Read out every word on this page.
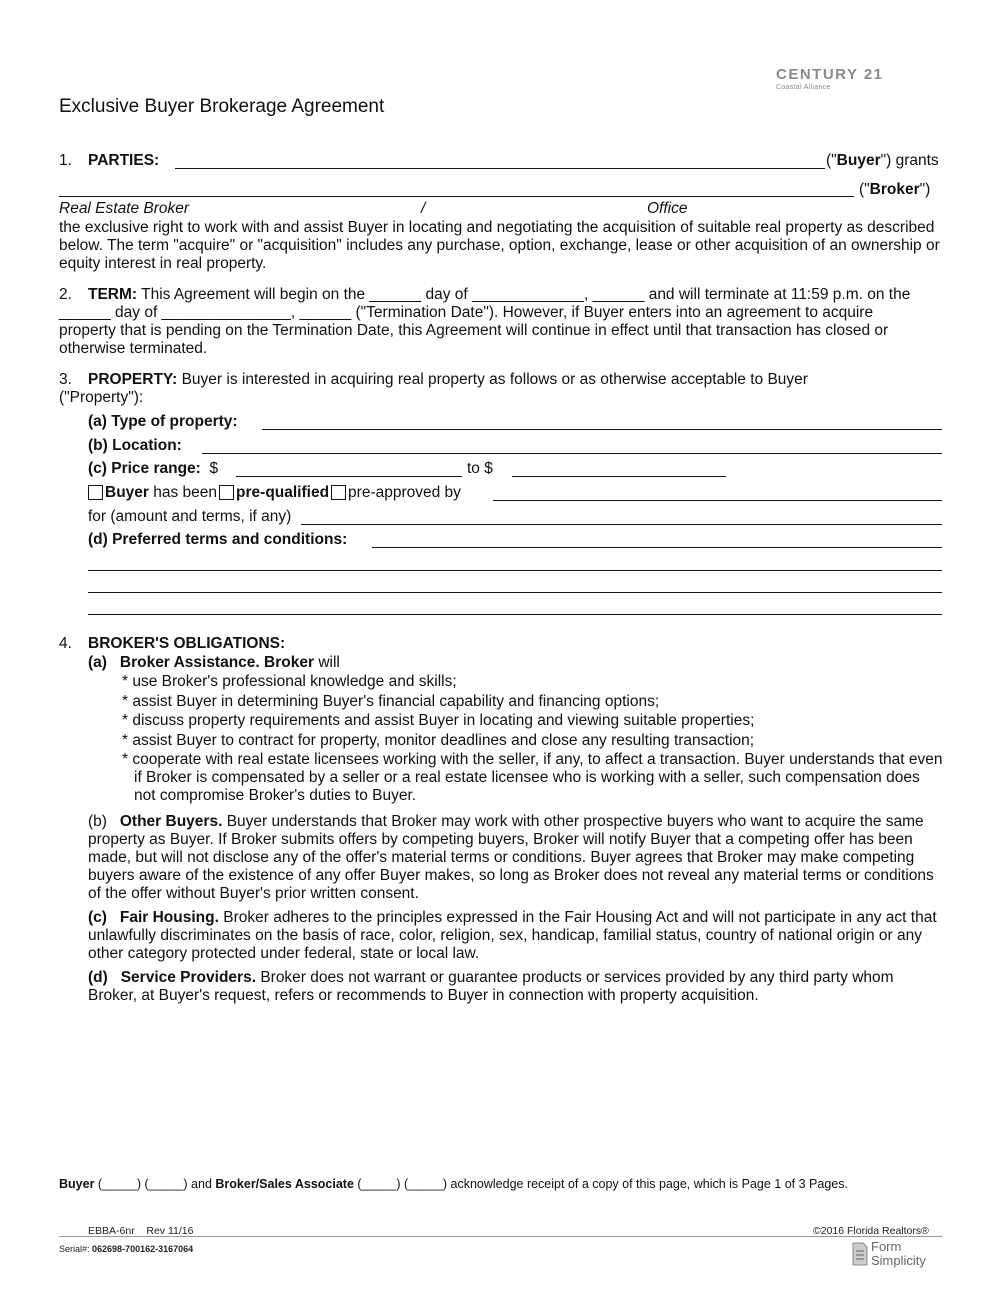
CENTURY 21
Coastal Alliance
Exclusive Buyer Brokerage Agreement
1. PARTIES:	("Buyer") grants
("Broker")
Real Estate Broker	/	Office
the exclusive right to work with and assist Buyer in locating and negotiating the acquisition of suitable real property as described below. The term "acquire" or "acquisition" includes any purchase, option, exchange, lease or other acquisition of an ownership or equity interest in real property.
2. TERM: This Agreement will begin on the ______ day of _____________, ______ and will terminate at 11:59 p.m. on the
______ day of _______________, ______ ("Termination Date"). However, if Buyer enters into an agreement to acquire
property that is pending on the Termination Date, this Agreement will continue in effect until that transaction has closed or
otherwise terminated.
3. PROPERTY: Buyer is interested in acquiring real property as follows or as otherwise acceptable to Buyer
("Property"):
(a) Type of property:
(b) Location:
(c) Price range: $	to $
Buyer has been pre-qualified pre-approved by
for (amount and terms, if any)
(d) Preferred terms and conditions:
4. BROKER'S OBLIGATIONS:
(a) Broker Assistance. Broker will
* use Broker's professional knowledge and skills;
* assist Buyer in determining Buyer's financial capability and financing options;
* discuss property requirements and assist Buyer in locating and viewing suitable properties;
* assist Buyer to contract for property, monitor deadlines and close any resulting transaction;
* cooperate with real estate licensees working with the seller, if any, to affect a transaction. Buyer understands that even if Broker is compensated by a seller or a real estate licensee who is working with a seller, such compensation does not compromise Broker's duties to Buyer.
(b) Other Buyers. Buyer understands that Broker may work with other prospective buyers who want to acquire the same property as Buyer. If Broker submits offers by competing buyers, Broker will notify Buyer that a competing offer has been made, but will not disclose any of the offer's material terms or conditions. Buyer agrees that Broker may make competing buyers aware of the existence of any offer Buyer makes, so long as Broker does not reveal any material terms or conditions of the offer without Buyer's prior written consent.
(c) Fair Housing. Broker adheres to the principles expressed in the Fair Housing Act and will not participate in any act that unlawfully discriminates on the basis of race, color, religion, sex, handicap, familial status, country of national origin or any other category protected under federal, state or local law.
(d) Service Providers. Broker does not warrant or guarantee products or services provided by any third party whom Broker, at Buyer's request, refers or recommends to Buyer in connection with property acquisition.
Buyer (_____) (_____) and Broker/Sales Associate (_____) (_____) acknowledge receipt of a copy of this page, which is Page 1 of 3 Pages.
EBBA-6nr Rev 11/16	©2016 Florida Realtors®
Serial#: 062698-700162-3167064	Form
Simplicity
